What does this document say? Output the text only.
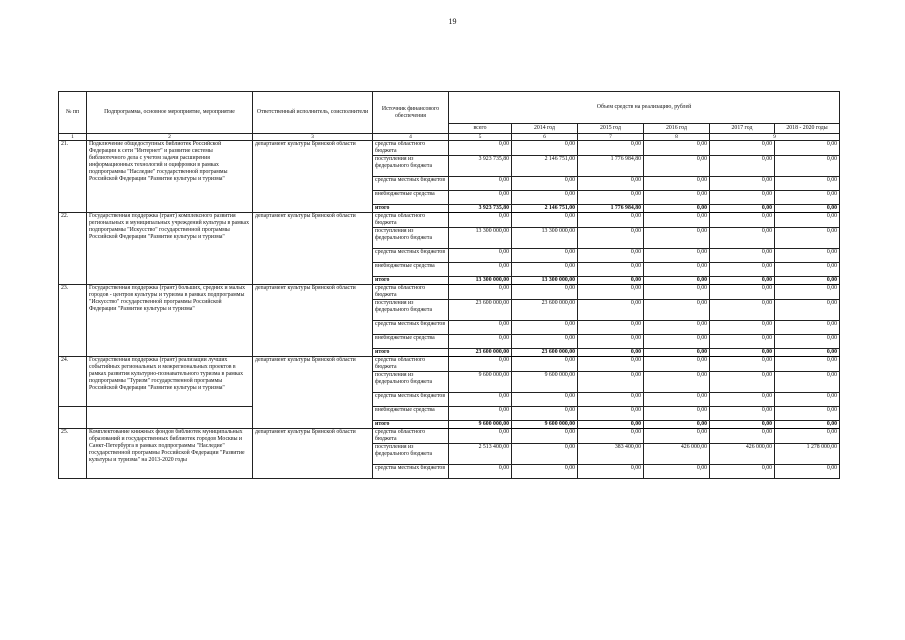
19
№ пп	Подпрограмма, основное мероприятие, мероприятие	Ответственный исполнитель, соисполнители	Источник финансового обеспечения	Объем средств на реализацию, рублей					
				всего	2014 год	2015 год	2016 год	2017 год	2018 - 2020 годы
1	2	3	4	5	6	7	8	9	
21.	Подключение общедоступных библиотек Российской Федерации к сети "Интернет" и развитие системы библиотечного дела с учетом задачи расширения информационных технологий и оцифровки в рамках подпрограммы "Наследие" государственной программы Российской Федерации "Развитие культуры и туризма"	департамент культуры Брянской области	средства областного бюджета	0,00	0,00	0,00	0,00	0,00	0,00
			поступления из федерального бюджета	3 923 735,80	2 146 751,00	1 776 984,80	0,00	0,00	0,00
			средства местных бюджетов	0,00	0,00	0,00	0,00	0,00	0,00
			внебюджетные средства	0,00	0,00	0,00	0,00	0,00	0,00
			итого	3 923 735,80	2 146 751,00	1 776 984,80	0,00	0,00	0,00
22.	Государственная поддержка (грант) комплексного развития региональных и муниципальных учреждений культуры в рамках подпрограммы "Искусство" государственной программы Российской Федерации "Развитие культуры и туризма"	департамент культуры Брянской области	средства областного бюджета	0,00	0,00	0,00	0,00	0,00	0,00
			поступления из федерального бюджета	13 300 000,00	13 300 000,00	0,00	0,00	0,00	0,00
			средства местных бюджетов	0,00	0,00	0,00	0,00	0,00	0,00
			внебюджетные средства	0,00	0,00	0,00	0,00	0,00	0,00
			итого	13 300 000,00	13 300 000,00	0,00	0,00	0,00	0,00
23.	Государственная поддержка (грант) больших, средних и малых городов - центров культуры и туризма в рамках подпрограммы "Искусство" государственной программы Российской Федерации "Развитие культуры и туризма"	департамент культуры Брянской области	средства областного бюджета	0,00	0,00	0,00	0,00	0,00	0,00
			поступления из федерального бюджета	23 600 000,00	23 600 000,00	0,00	0,00	0,00	0,00
			средства местных бюджетов	0,00	0,00	0,00	0,00	0,00	0,00
			внебюджетные средства	0,00	0,00	0,00	0,00	0,00	0,00
			итого	23 600 000,00	23 600 000,00	0,00	0,00	0,00	0,00
24.	Государственная поддержка (грант) реализации лучших событийных региональных и межрегиональных проектов в рамках развития культурно-познавательного туризма в рамках подпрограммы "Туризм" государственной программы Российской Федерации "Развитие культуры и туризма"	департамент культуры Брянской области	средства областного бюджета	0,00	0,00	0,00	0,00	0,00	0,00
			поступления из федерального бюджета	9 600 000,00	9 600 000,00	0,00	0,00	0,00	0,00
			средства местных бюджетов	0,00	0,00	0,00	0,00	0,00	0,00
			внебюджетные средства	0,00	0,00	0,00	0,00	0,00	0,00
			итого	9 600 000,00	9 600 000,00	0,00	0,00	0,00	0,00
25.	Комплектование книжных фондов библиотек муниципальных образований и государственных библиотек городов Москвы и Санкт-Петербурга в рамках подпрограммы "Наследие" государственной программы Российской Федерации "Развитие культуры и туризма" на 2013-2020 годы	департамент культуры Брянской области	средства областного бюджета	0,00	0,00	0,00	0,00	0,00	0,00
			поступления из федерального бюджета	2 513 400,00	0,00	383 400,00	426 000,00	426 000,00	1 278 000,00
			средства местных бюджетов	0,00	0,00	0,00	0,00	0,00	0,00
